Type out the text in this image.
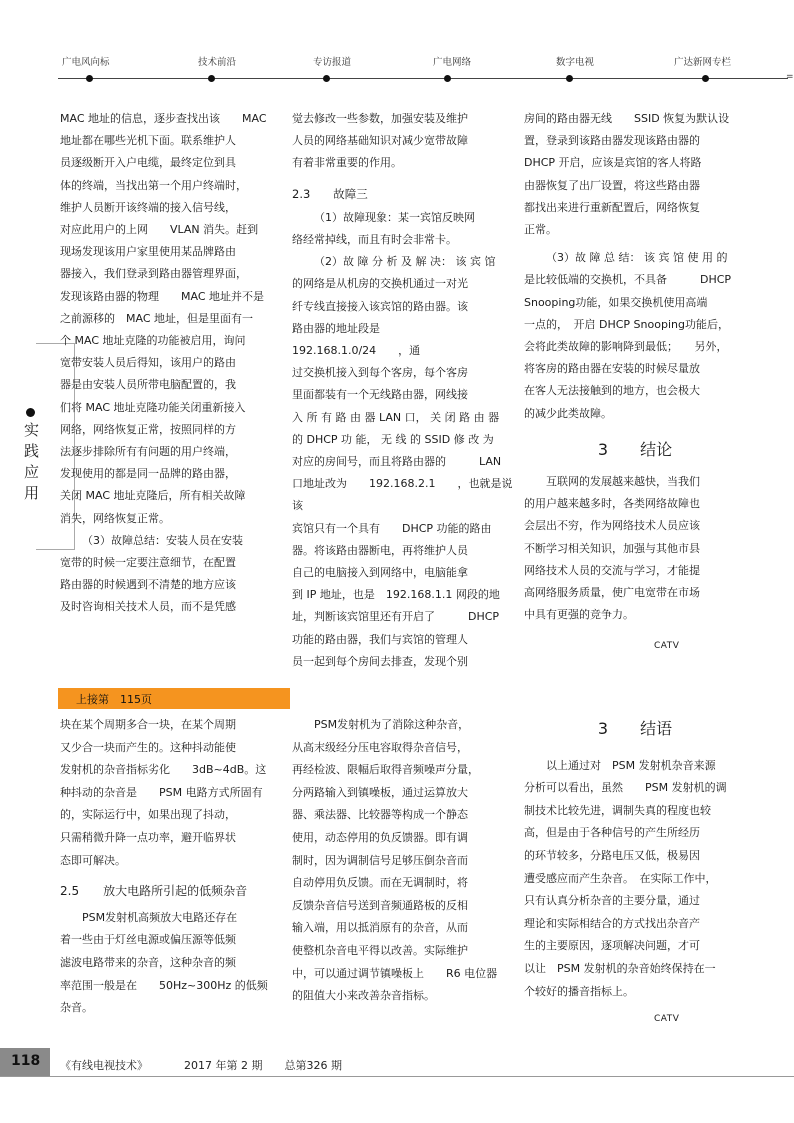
广电风向标	技术前沿	专访报道	广电网络	数字电视	广达新网专栏
=
实践应用

MAC 地址的信息，逐步查找出该　　MAC

地址都在哪些光机下面。联系维护人

员逐级断开入户电缆，最终定位到具

体的终端，当找出第一个用户终端时，

维护人员断开该终端的接入信号线，

对应此用户的上网　　VLAN 消失。赶到

现场发现该用户家里使用某品牌路由

器接入，我们登录到路由器管理界面，

发现该路由器的物理　　MAC 地址并不是

之前源移的　MAC 地址，但是里面有一

个 MAC 地址克隆的功能被启用，询问

宽带安装人员后得知，该用户的路由

器是由安装人员所带电脑配置的，我

们将 MAC 地址克隆功能关闭重新接入

网络，网络恢复正常，按照同样的方

法逐步排除所有有问题的用户终端，

发现使用的都是同一品牌的路由器，

关闭 MAC 地址克隆后，所有相关故障

消失，网络恢复正常。

（3）故障总结：安装人员在安装

宽带的时候一定要注意细节，在配置

路由器的时候遇到不清楚的地方应该

及时咨询相关技术人员，而不是凭感

觉去修改一些参数，加强安装及维护

人员的网络基础知识对减少宽带故障

有着非常重要的作用。

2.3　　故障三

（1）故障现象：某一宾馆反映网

络经常掉线，而且有时会非常卡。

（2）故 障 分 析 及 解 决： 该 宾 馆

的网络是从机房的交换机通过一对光

纤专线直接接入该宾馆的路由器。该

路由器的地址段是　　192.168.1.0/24　　，通

过交换机接入到每个客房，每个客房

里面都装有一个无线路由器，网线接

入 所 有 路 由 器 LAN 口， 关 闭 路 由 器

的 DHCP 功 能， 无 线 的 SSID 修 改 为

对应的房间号，而且将路由器的　　　LAN

口地址改为　　192.168.2.1　　，也就是说该

宾馆只有一个具有　　DHCP 功能的路由

器。将该路由器断电，再将维护人员

自己的电脑接入到网络中，电脑能拿

到 IP 地址，也是　192.168.1.1 网段的地

址，判断该宾馆里还有开启了　　　DHCP

功能的路由器，我们与宾馆的管理人

员一起到每个房间去排查，发现个别

房间的路由器无线　　SSID 恢复为默认设

置，登录到该路由器发现该路由器的

DHCP 开启，应该是宾馆的客人将路

由器恢复了出厂设置，将这些路由器

都找出来进行重新配置后，网络恢复

正常。

（3）故 障 总 结： 该 宾 馆 使 用 的

是比较低端的交换机，不具备　　　DHCP

Snooping功能，如果交换机使用高端

一点的，　开启 DHCP Snooping功能后，

会将此类故障的影响降到最低；　　另外，

将客房的路由器在安装的时候尽量放

在客人无法接触到的地方，也会极大

的减少此类故障。

3　　结论

互联网的发展越来越快，当我们

的用户越来越多时，各类网络故障也

会层出不穷，作为网络技术人员应该

不断学习相关知识，加强与其他市县

网络技术人员的交流与学习，才能提

高网络服务质量，使广电宽带在市场

中具有更强的竞争力。

CATV
上接第　115页

块在某个周期多合一块，在某个周期

又少合一块而产生的。这种抖动能使

发射机的杂音指标劣化　　3dB~4dB。这

种抖动的杂音是　　PSM 电路方式所固有

的，实际运行中，如果出现了抖动，

只需稍微升降一点功率，避开临界状

态即可解决。

2.5　　放大电路所引起的低频杂音

PSM发射机高频放大电路还存在

着一些由于灯丝电源或偏压源等低频

滤波电路带来的杂音，这种杂音的频

率范围一般是在　　50Hz~300Hz 的低频

杂音。

PSM发射机为了消除这种杂音，

从高末级经分压电容取得杂音信号，

再经检波、限幅后取得音频噪声分量，

分两路输入到镇噪板，通过运算放大

器、乘法器、比较器等构成一个静态

使用，动态停用的负反馈器。即有调

制时，因为调制信号足够压倒杂音而

自动停用负反馈。而在无调制时，将

反馈杂音信号送到音频通路板的反相

输入端，用以抵消原有的杂音，从而

使整机杂音电平得以改善。实际维护

中，可以通过调节镇噪板上　　R6 电位器

的阻值大小来改善杂音指标。

3　　结语

以上通过对　PSM 发射机杂音来源

分析可以看出，虽然　　PSM 发射机的调

制技术比较先进，调制失真的程度也较

高，但是由于各种信号的产生所经历

的环节较多，分路电压又低，极易因

遭受感应而产生杂音。　在实际工作中，

只有认真分析杂音的主要分量，通过

理论和实际相结合的方式找出杂音产

生的主要原因，逐项解决问题，才可

以让　PSM 发射机的杂音始终保持在一

个较好的播音指标上。

CATV
118 《有线电视技术》	2017 年第 2 期　　总第326 期
